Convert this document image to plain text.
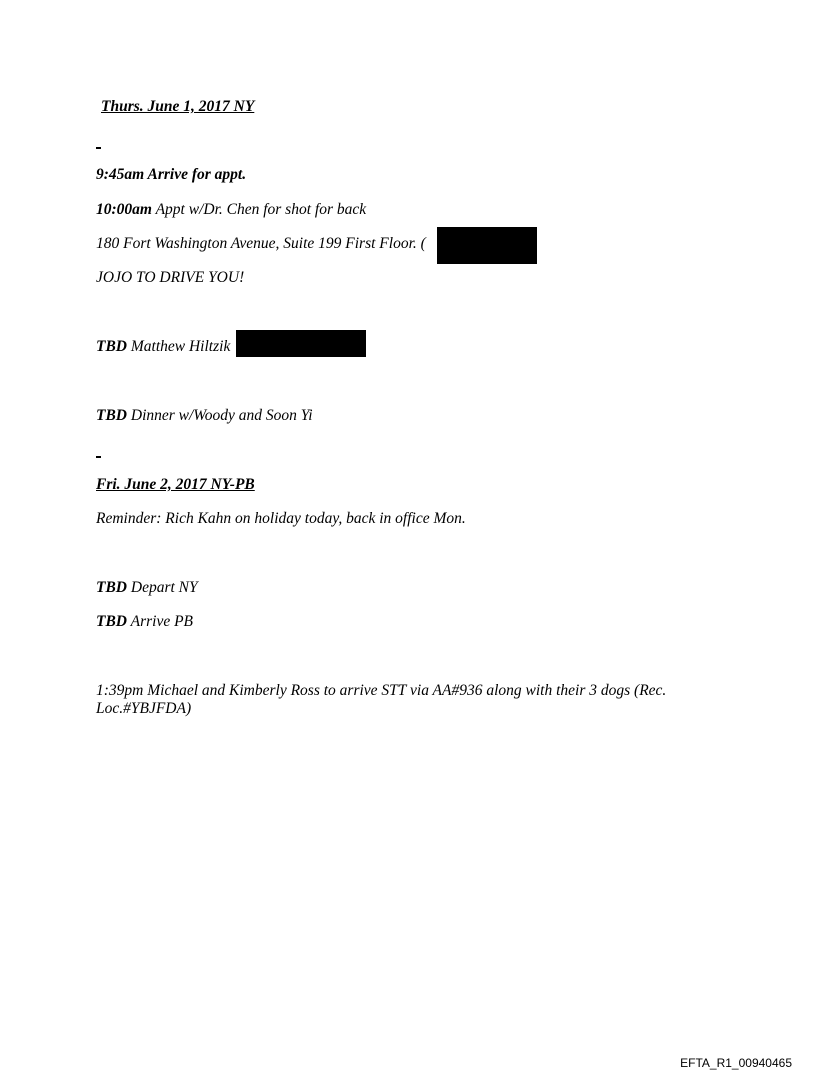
Thurs. June 1, 2017 NY
9:45am Arrive for appt.
10:00am Appt w/Dr. Chen for shot for back
180 Fort Washington Avenue, Suite 199 First Floor. (
JOJO TO DRIVE YOU!
TBD Matthew Hiltzik
TBD Dinner w/Woody and Soon Yi
Fri. June 2, 2017 NY-PB
Reminder: Rich Kahn on holiday today, back in office Mon.
TBD Depart NY
TBD Arrive PB
1:39pm Michael and Kimberly Ross to arrive STT via AA#936 along with their 3 dogs (Rec. Loc.#YBJFDA)
EFTA_R1_00940465
